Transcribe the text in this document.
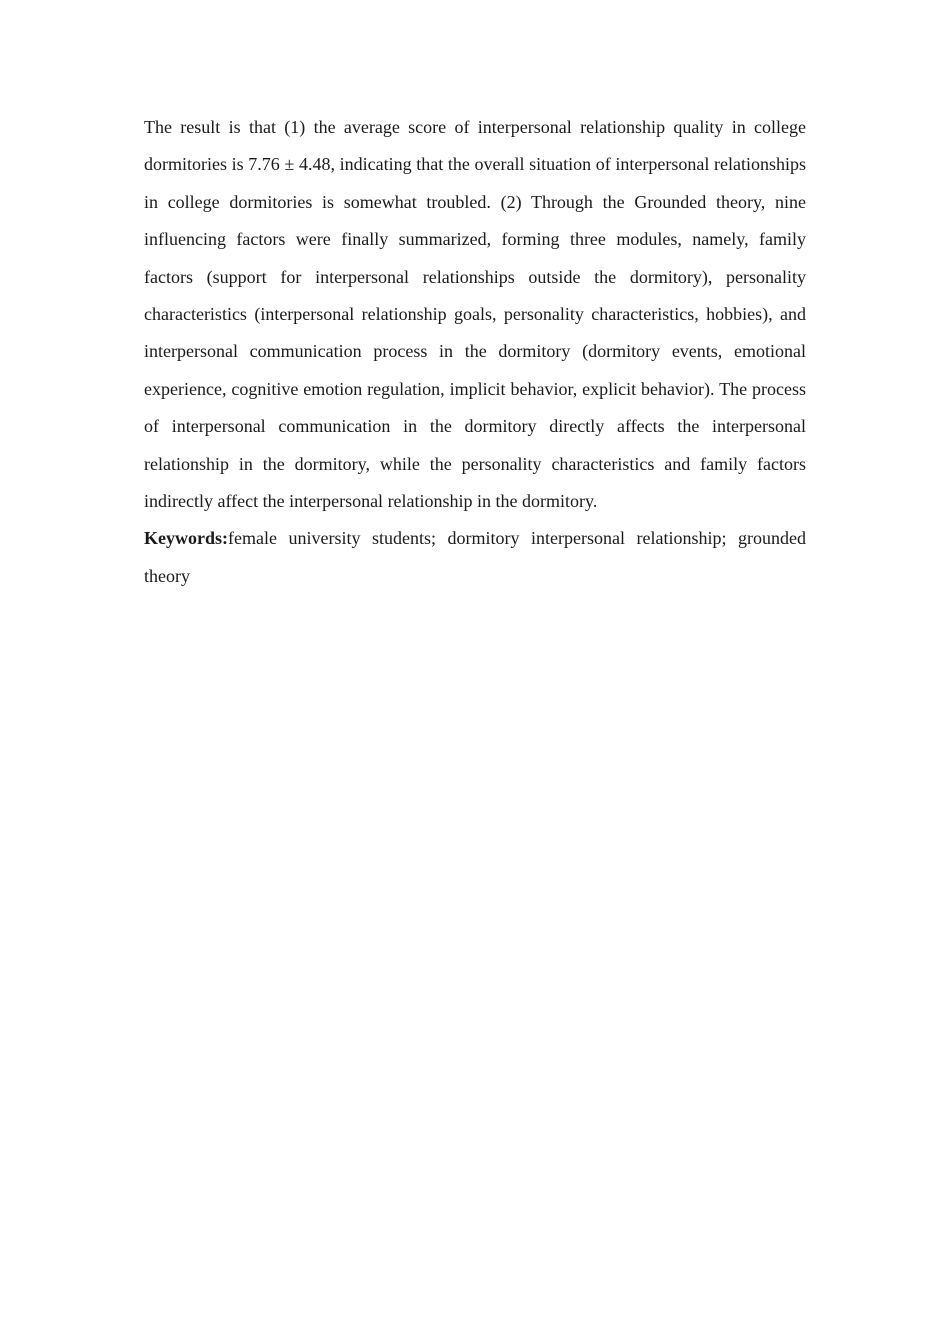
The result is that (1) the average score of interpersonal relationship quality in college dormitories is 7.76 ± 4.48, indicating that the overall situation of interpersonal relationships in college dormitories is somewhat troubled. (2) Through the Grounded theory, nine influencing factors were finally summarized, forming three modules, namely, family factors (support for interpersonal relationships outside the dormitory), personality characteristics (interpersonal relationship goals, personality characteristics, hobbies), and interpersonal communication process in the dormitory (dormitory events, emotional experience, cognitive emotion regulation, implicit behavior, explicit behavior). The process of interpersonal communication in the dormitory directly affects the interpersonal relationship in the dormitory, while the personality characteristics and family factors indirectly affect the interpersonal relationship in the dormitory.

Keywords:female university students; dormitory interpersonal relationship; grounded theory
